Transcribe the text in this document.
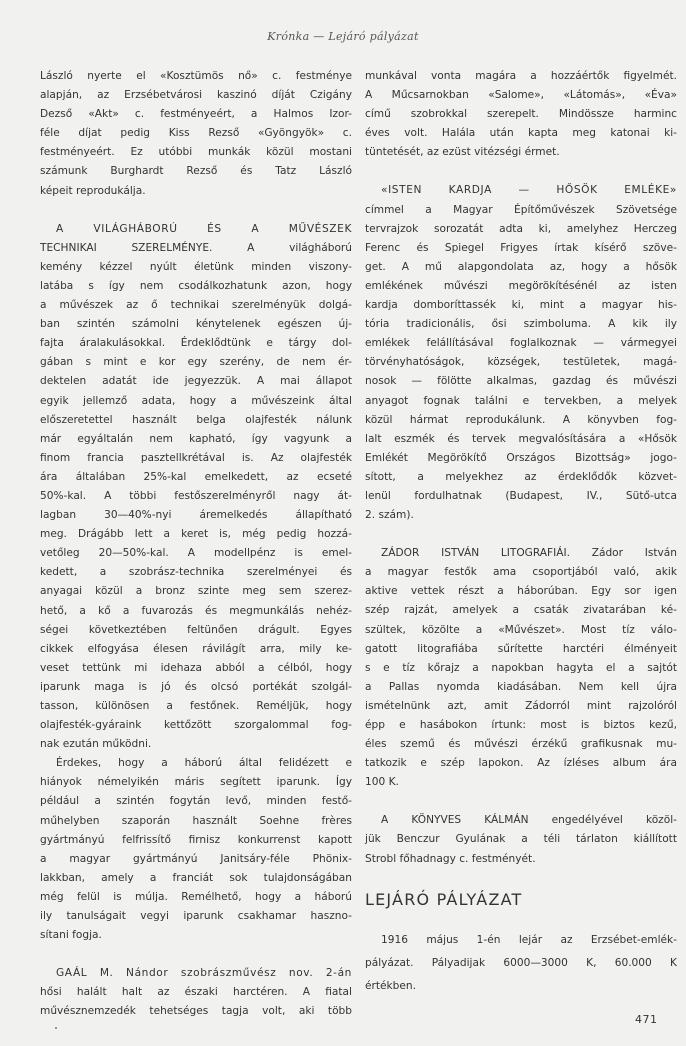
Krónka — Lejáró pályázat
László nyerte el «Kosztümös nő» c. festménye
alapján, az Erzsébetvárosi kaszinó díját Czigány
Dezső «Akt» c. festményeért, a Halmos Izor-
féle díjat pedig Kiss Rezső «Gyöngyök» c.
festményeért. Ez utóbbi munkák közül mostani
számunk Burghardt Rezső és Tatz László
képeit reprodukálja.
A VILÁGHÁBORÚ ÉS A MŰVÉSZEK
TECHNIKAI SZERELMÉNYE. A világháború
kemény kézzel nyúlt életünk minden viszony-
latába s így nem csodálkozhatunk azon, hogy
a művészek az ő technikai szerelményük dolgá-
ban szintén számolni kénytelenek egészen új-
fajta áralakulásokkal. Érdeklődtünk e tárgy dol-
gában s mint e kor egy szerény, de nem ér-
dektelen adatát ide jegyezzük. A mai állapot
egyik jellemző adata, hogy a művészeink által
előszeretettel használt belga olajfesték nálunk
már egyáltalán nem kapható, így vagyunk a
finom francia pasztellkrétával is. Az olajfesték
ára általában 25%-kal emelkedett, az ecseté
50%-kal. A többi festőszerelményről nagy át-
lagban 30—40%-nyi áremelkedés állapítható
meg. Drágább lett a keret is, még pedig hozzá-
vetőleg 20—50%-kal. A modellpénz is emel-
kedett, a szobrász-technika szerelményei és
anyagai közül a bronz szinte meg sem szerez-
hető, a kő a fuvarozás és megmunkálás nehéz-
ségei következtében feltünően drágult. Egyes
cikkek elfogyása élesen rávilágít arra, mily ke-
veset tettünk mi idehaza abból a célból, hogy
iparunk maga is jó és olcsó portékát szolgál-
tasson, különösen a festőnek. Reméljük, hogy
olajfesték-gyáraink kettőzött szorgalommal fog-
nak ezután működni.
Érdekes, hogy a háború által felidézett e
hiányok némelyikén máris segített iparunk. Így
például a szintén fogytán levő, minden festő-
műhelyben szaporán használt Soehne frères
gyártmányú felfrissítő firnisz konkurrenst kapott
a magyar gyártmányú Janitsáry-féle Phönix-
lakkban, amely a franciát sok tulajdonságában
még felül is múlja. Remélhető, hogy a háború
ily tanulságait vegyi iparunk csakhamar haszno-
sítani fogja.
GAÁL M. Nándor szobrászművész nov. 2-án
hősi halált halt az északi harctéren. A fiatal
művésznemzedék tehetséges tagja volt, aki több
munkával vonta magára a hozzáértők figyelmét.
A Műcsarnokban «Salome», «Látomás», «Éva»
című szobrokkal szerepelt. Mindössze harminc
éves volt. Halála után kapta meg katonai ki-
tüntetését, az ezüst vitézségi érmet.
«ISTEN KARDJA — HŐSÖK EMLÉKE»
címmel a Magyar Építőművészek Szövetsége
tervrajzok sorozatát adta ki, amelyhez Herczeg
Ferenc és Spiegel Frigyes írtak kísérő szöve-
get. A mű alapgondolata az, hogy a hősök
emlékének művészi megörökítésénél az isten
kardja domboríttassék ki, mint a magyar his-
tória tradicionális, ősi szimboluma. A kik ily
emlékek felállításával foglalkoznak — vármegyei
törvényhatóságok, községek, testületek, magá-
nosok — fölötte alkalmas, gazdag és művészi
anyagot fognak találni e tervekben, a melyek
közül hármat reprodukálunk. A könyvben fog-
lalt eszmék és tervek megvalósítására a «Hősök
Emlékét Megörökítő Országos Bizottság» jogo-
sított, a melyekhez az érdeklődők közvet-
lenül fordulhatnak (Budapest, IV., Sütő-utca
2. szám).
ZÁDOR ISTVÁN LITOGRAFIÁI. Zádor István
a magyar festők ama csoportjából való, akik
aktive vettek részt a háborúban. Egy sor igen
szép rajzát, amelyek a csaták zivatarában ké-
szültek, közölte a «Művészet». Most tíz válo-
gatott litografiába sűrítette harctéri élményeit
s e tíz kőrajz a napokban hagyta el a sajtót
a Pallas nyomda kiadásában. Nem kell újra
ismételnünk azt, amit Zádorról mint rajzolóról
épp e hasábokon írtunk: most is biztos kezű,
éles szemű és művészi érzékű grafikusnak mu-
tatkozik e szép lapokon. Az ízléses album ára
100 K.
A KÖNYVES KÁLMÁN engedélyével közöl-
jük Benczur Gyulának a téli tárlaton kiállított
Strobl főhadnagy c. festményét.
LEJÁRÓ PÁLYÁZAT
1916 május 1-én lejár az Erzsébet-emlék-
pályázat. Pályadijak 6000—3000 K, 60.000 K
értékben.
471
